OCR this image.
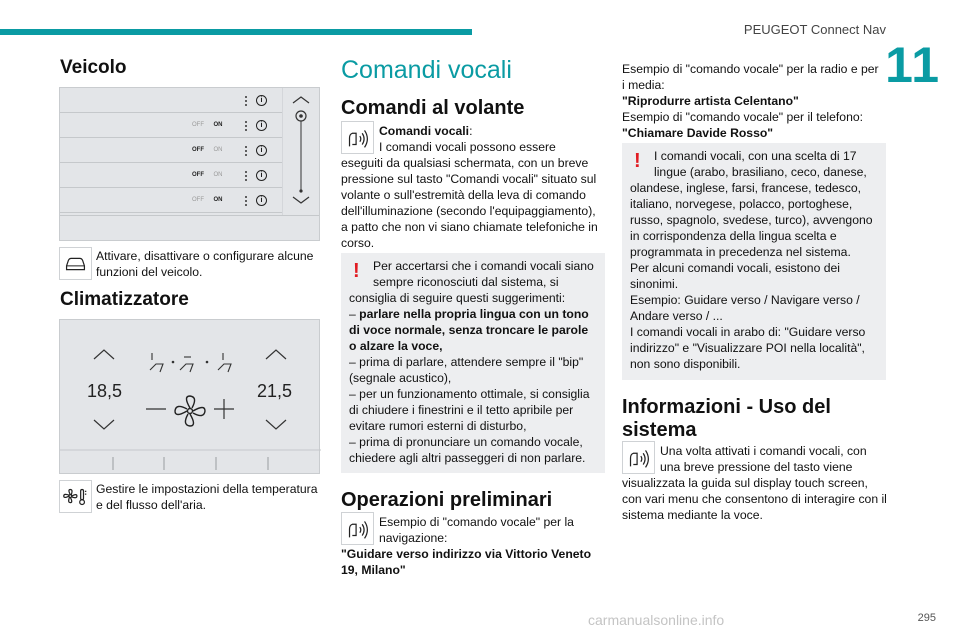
PEUGEOT Connect Nav
11
Veicolo
i
OFF ON	i
OFF ON	i
OFF ON	i
OFF ON	i
Attivare, disattivare o configurare alcune funzioni del veicolo.
Climatizzatore
18,5	21,5
Gestire le impostazioni della temperatura e del flusso dell'aria.
Comandi vocali
Comandi al volante
Comandi vocali:
I comandi vocali possono essere
eseguiti da qualsiasi schermata, con un breve
pressione sul tasto "Comandi vocali" situato sul
volante o sull'estremità della leva di comando
dell'illuminazione (secondo l'equipaggiamento),
a patto che non vi siano chiamate telefoniche in
corso.
! Per accertarsi che i comandi vocali siano
sempre riconosciuti dal sistema, si
consiglia di seguire questi suggerimenti:
– parlare nella propria lingua con un tono
di voce normale, senza troncare le parole
o alzare la voce,
– prima di parlare, attendere sempre il "bip"
(segnale acustico),
– per un funzionamento ottimale, si consiglia
di chiudere i finestrini e il tetto apribile per
evitare rumori esterni di disturbo,
– prima di pronunciare un comando vocale,
chiedere agli altri passeggeri di non parlare.
Operazioni preliminari
Esempio di "comando vocale" per la
navigazione:
"Guidare verso indirizzo via Vittorio Veneto
19, Milano"
Esempio di "comando vocale" per la radio e per
i media:
"Riprodurre artista Celentano"
Esempio di "comando vocale" per il telefono:
"Chiamare Davide Rosso"
! I comandi vocali, con una scelta di 17
lingue (arabo, brasiliano, ceco, danese,
olandese, inglese, farsi, francese, tedesco,
italiano, norvegese, polacco, portoghese,
russo, spagnolo, svedese, turco), avvengono
in corrispondenza della lingua scelta e
programmata in precedenza nel sistema.
Per alcuni comandi vocali, esistono dei
sinonimi.
Esempio: Guidare verso / Navigare verso /
Andare verso / ...
I comandi vocali in arabo di: "Guidare verso
indirizzo" e "Visualizzare POI nella località",
non sono disponibili.
Informazioni - Uso del
sistema
Una volta attivati i comandi vocali, con
una breve pressione del tasto viene
visualizzata la guida sul display touch screen,
con vari menu che consentono di interagire con il
sistema mediante la voce.
carmanualsonline.info	295
